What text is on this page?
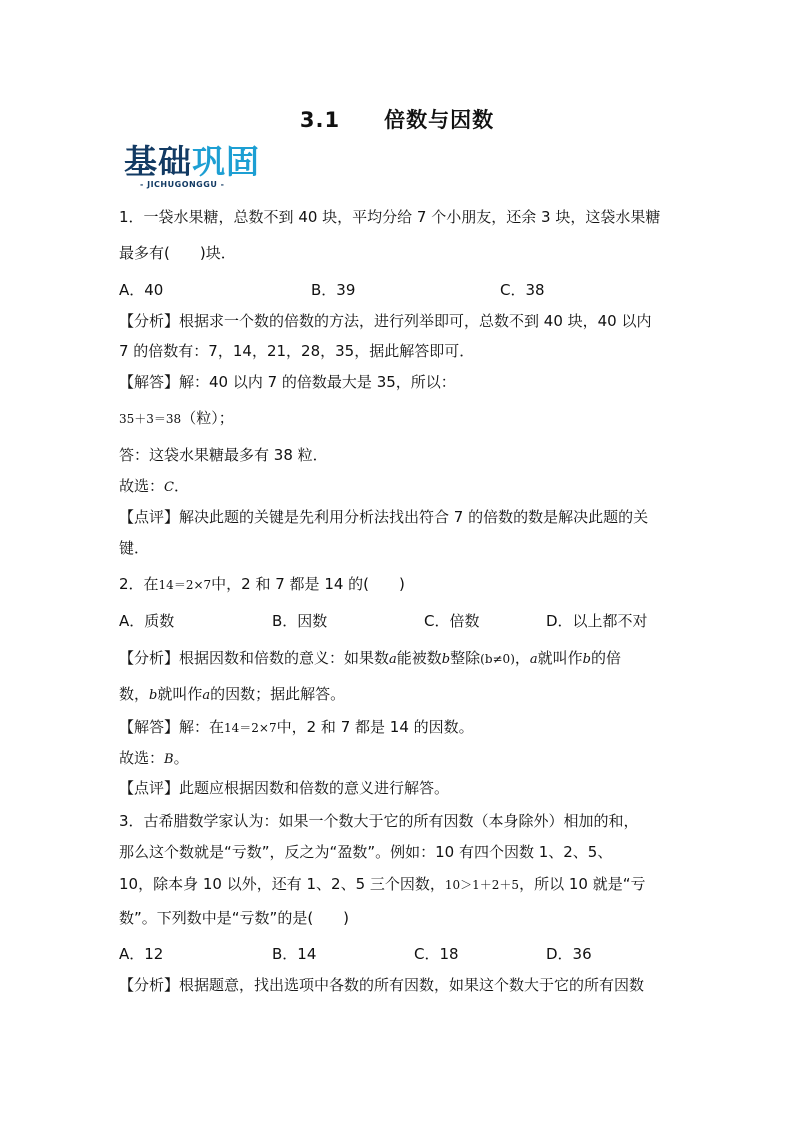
3.1 倍数与因数
基础巩固
- JICHUGONGGU -
1．一袋水果糖，总数不到 40 块，平均分给 7 个小朋友，还余 3 块，这袋水果糖
最多有(　　)块．
A．40	B．39	C．38
【分析】根据求一个数的倍数的方法，进行列举即可，总数不到 40 块，40 以内
7 的倍数有：7，14，21，28，35，据此解答即可．
【解答】解：40 以内 7 的倍数最大是 35，所以：
35＋3＝38（粒）；
答：这袋水果糖最多有 38 粒．
故选：C．
【点评】解决此题的关键是先利用分析法找出符合 7 的倍数的数是解决此题的关
键．
2．在14＝2×7中，2 和 7 都是 14 的(　　)
A．质数	B．因数	C．倍数	D．以上都不对
【分析】根据因数和倍数的意义：如果数a能被数b整除(b≠0)，a就叫作b的倍
数，b就叫作a的因数；据此解答。
【解答】解：在14＝2×7中，2 和 7 都是 14 的因数。
故选：B。
【点评】此题应根据因数和倍数的意义进行解答。
3．古希腊数学家认为：如果一个数大于它的所有因数（本身除外）相加的和，
那么这个数就是“亏数”，反之为“盈数”。例如：10 有四个因数 1、2、5、
10，除本身 10 以外，还有 1、2、5 三个因数，10＞1＋2＋5，所以 10 就是“亏
数”。下列数中是“亏数”的是(　　)
A．12	B．14	C．18	D．36
【分析】根据题意，找出选项中各数的所有因数，如果这个数大于它的所有因数
